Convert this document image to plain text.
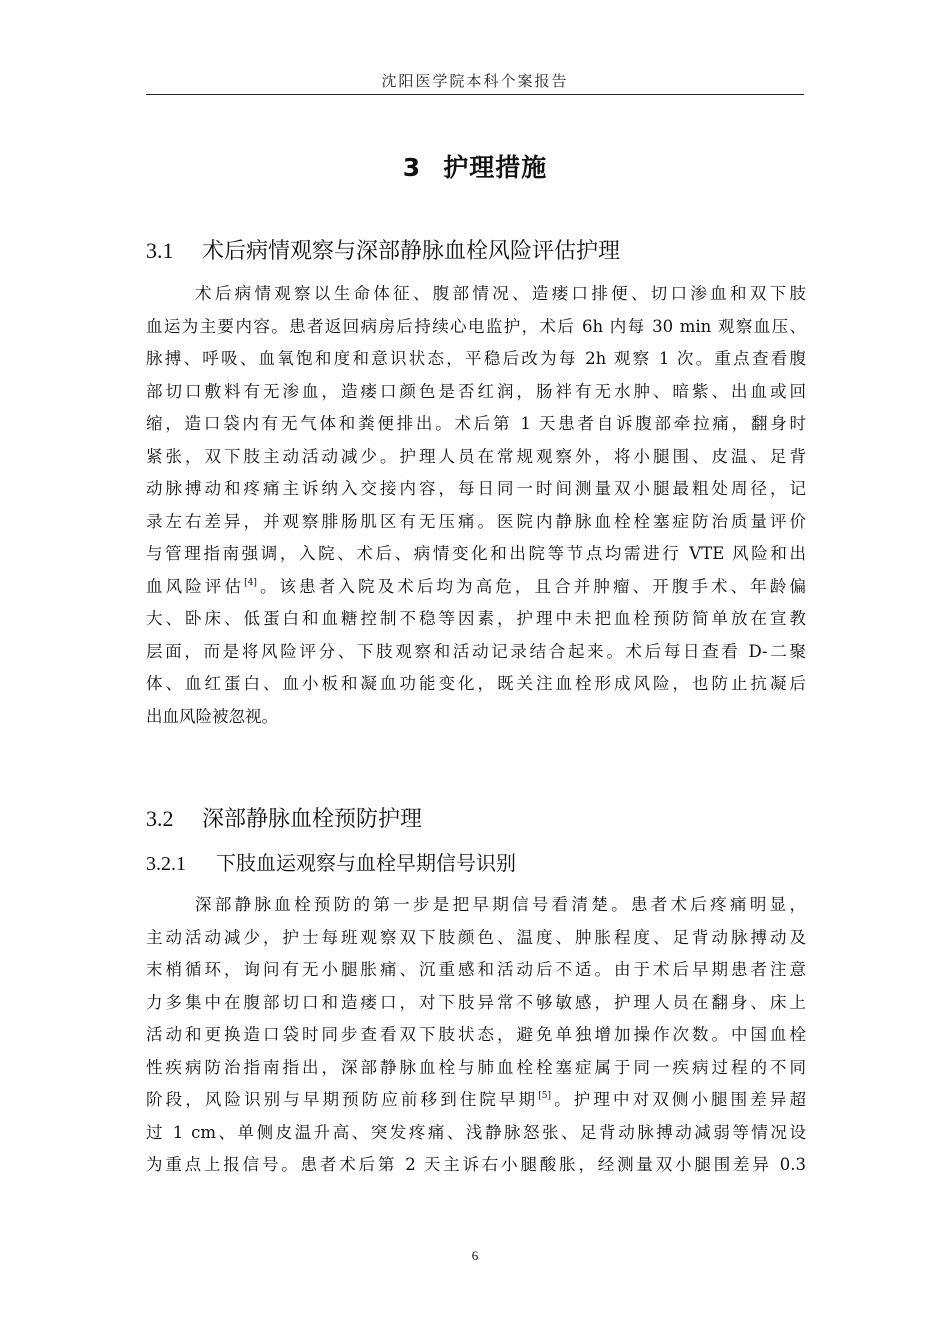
沈阳医学院本科个案报告
3 护理措施
3.1 术后病情观察与深部静脉血栓风险评估护理
术后病情观察以生命体征、腹部情况、造瘘口排便、切口渗血和双下肢
血运为主要内容。患者返回病房后持续心电监护，术后 6h 内每 30 min 观察血压、
脉搏、呼吸、血氧饱和度和意识状态，平稳后改为每 2h 观察 1 次。重点查看腹
部切口敷料有无渗血，造瘘口颜色是否红润，肠袢有无水肿、暗紫、出血或回
缩，造口袋内有无气体和粪便排出。术后第 1 天患者自诉腹部牵拉痛，翻身时
紧张，双下肢主动活动减少。护理人员在常规观察外，将小腿围、皮温、足背
动脉搏动和疼痛主诉纳入交接内容，每日同一时间测量双小腿最粗处周径，记
录左右差异，并观察腓肠肌区有无压痛。医院内静脉血栓栓塞症防治质量评价
与管理指南强调，入院、术后、病情变化和出院等节点均需进行 VTE 风险和出
血风险评估[4]。该患者入院及术后均为高危，且合并肿瘤、开腹手术、年龄偏
大、卧床、低蛋白和血糖控制不稳等因素，护理中未把血栓预防简单放在宣教
层面，而是将风险评分、下肢观察和活动记录结合起来。术后每日查看 D-二聚
体、血红蛋白、血小板和凝血功能变化，既关注血栓形成风险，也防止抗凝后
出血风险被忽视。
3.2 深部静脉血栓预防护理
3.2.1 下肢血运观察与血栓早期信号识别
深部静脉血栓预防的第一步是把早期信号看清楚。患者术后疼痛明显，
主动活动减少，护士每班观察双下肢颜色、温度、肿胀程度、足背动脉搏动及
末梢循环，询问有无小腿胀痛、沉重感和活动后不适。由于术后早期患者注意
力多集中在腹部切口和造瘘口，对下肢异常不够敏感，护理人员在翻身、床上
活动和更换造口袋时同步查看双下肢状态，避免单独增加操作次数。中国血栓
性疾病防治指南指出，深部静脉血栓与肺血栓栓塞症属于同一疾病过程的不同
阶段，风险识别与早期预防应前移到住院早期[5]。护理中对双侧小腿围差异超
过 1 cm、单侧皮温升高、突发疼痛、浅静脉怒张、足背动脉搏动减弱等情况设
为重点上报信号。患者术后第 2 天主诉右小腿酸胀，经测量双小腿围差异 0.3
6
